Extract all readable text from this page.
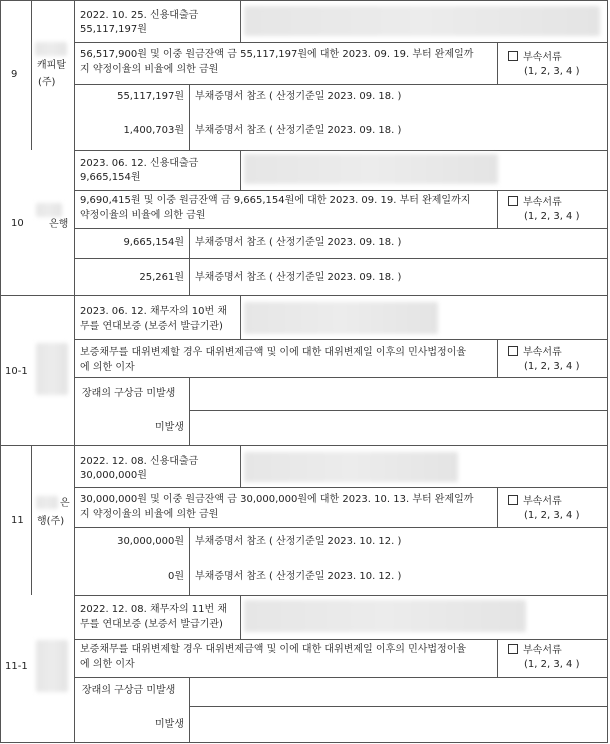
9
캐피탈
(주)
2022. 10. 25. 신용대출금
55,117,197원
56,517,900원 및 이중 원금잔액 금 55,117,197원에 대한 2023. 09. 19. 부터 완제일까
지 약정이율의 비율에 의한 금원
부속서류
(1, 2, 3, 4 )
55,117,197원 부채증명서 참조 ( 산정기준일 2023. 09. 18. )
1,400,703원 부채증명서 참조 ( 산정기준일 2023. 09. 18. )
10	은행
2023. 06. 12. 신용대출금
9,665,154원
9,690,415원 및 이중 원금잔액 금 9,665,154원에 대한 2023. 09. 19. 부터 완제일까지
약정이율의 비율에 의한 금원
부속서류
(1, 2, 3, 4 )
9,665,154원 부채증명서 참조 ( 산정기준일 2023. 09. 18. )
25,261원 부채증명서 참조 ( 산정기준일 2023. 09. 18. )
10-1
2023. 06. 12. 채무자의 10번 채
무를 연대보증 (보증서 발급기관)
보증채무를 대위변제할 경우 대위변제금액 및 이에 대한 대위변제일 이후의 민사법정이율
에 의한 이자
부속서류
(1, 2, 3, 4 )
장래의 구상금 미발생
미발생
11
은
행(주)
2022. 12. 08. 신용대출금
30,000,000원
30,000,000원 및 이중 원금잔액 금 30,000,000원에 대한 2023. 10. 13. 부터 완제일까
지 약정이율의 비율에 의한 금원
부속서류
(1, 2, 3, 4 )
30,000,000원 부채증명서 참조 ( 산정기준일 2023. 10. 12. )
0원 부채증명서 참조 ( 산정기준일 2023. 10. 12. )
11-1
2022. 12. 08. 채무자의 11번 채
무를 연대보증 (보증서 발급기관)
보증채무를 대위변제할 경우 대위변제금액 및 이에 대한 대위변제일 이후의 민사법정이율
에 의한 이자
부속서류
(1, 2, 3, 4 )
장래의 구상금 미발생
미발생
